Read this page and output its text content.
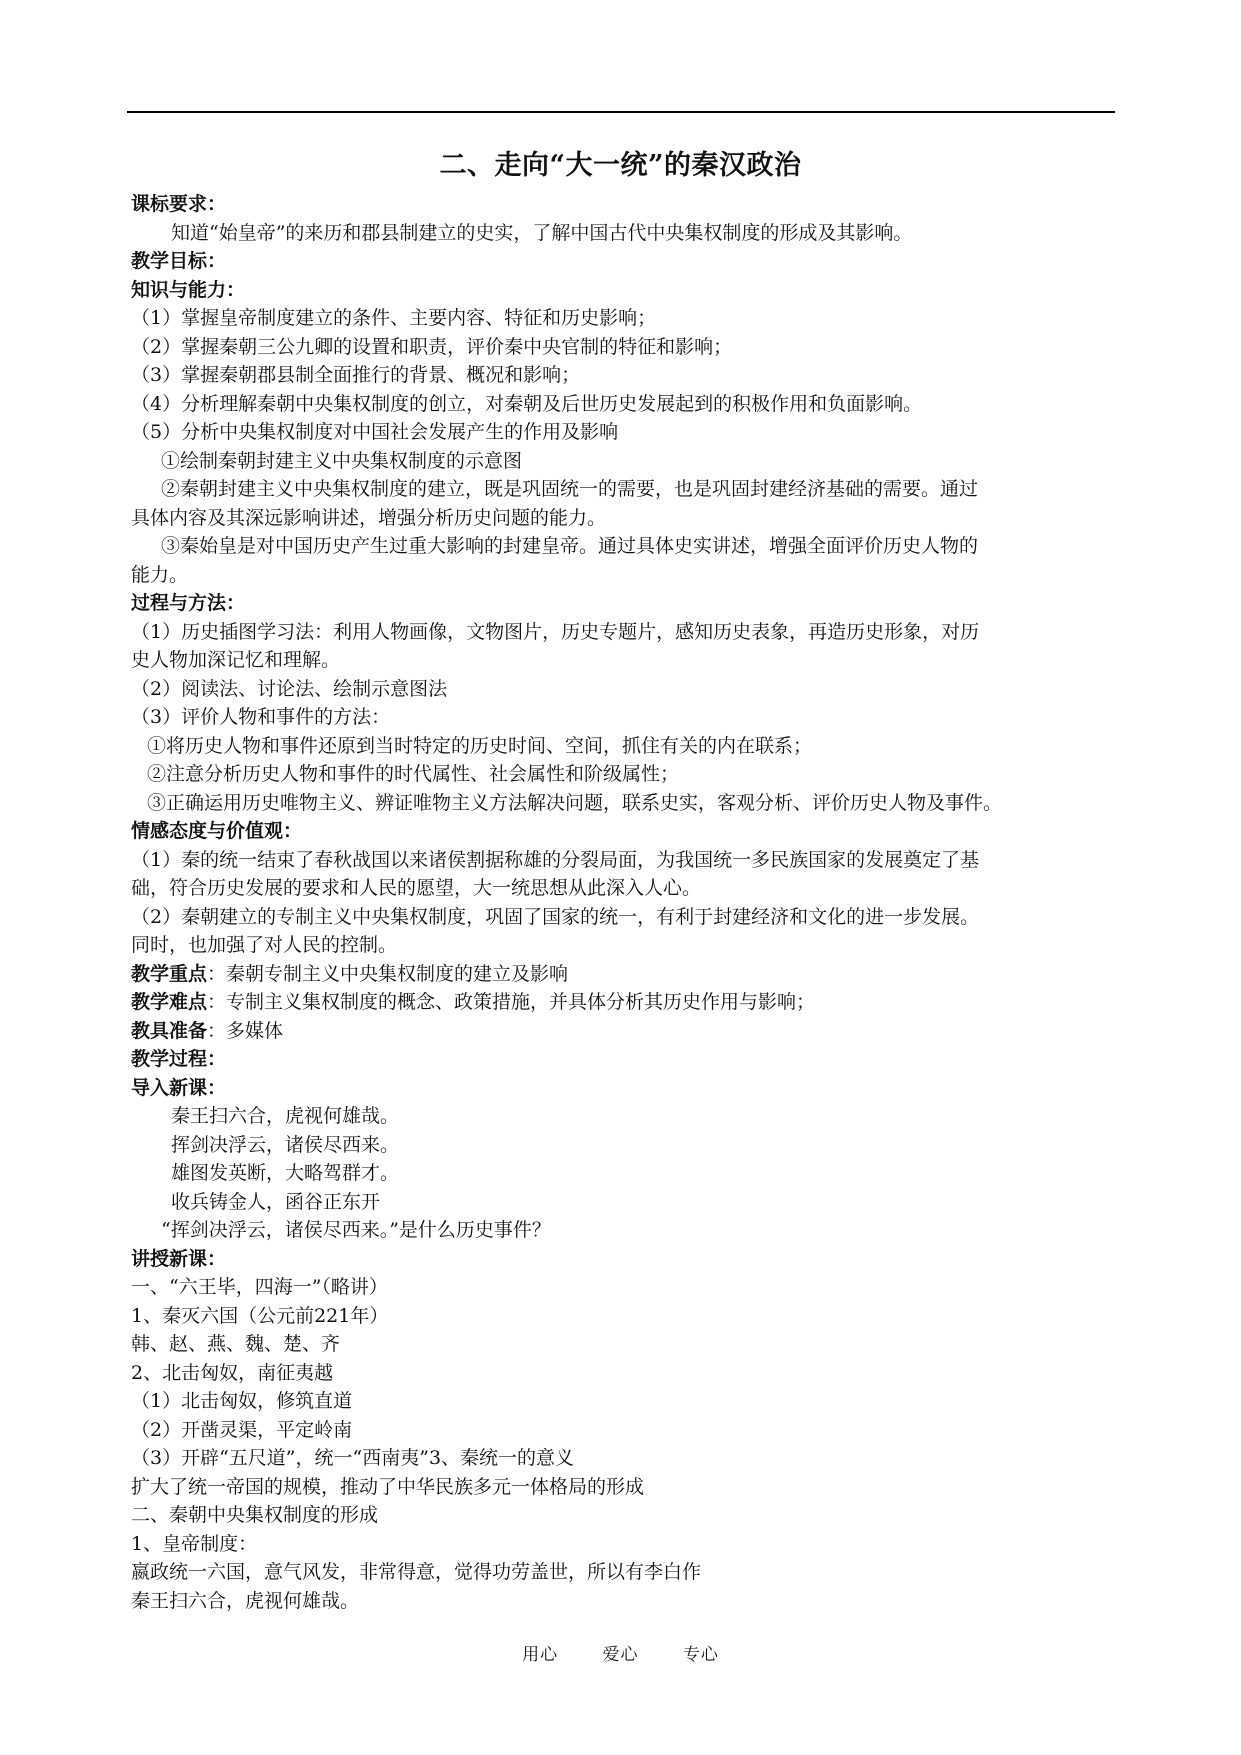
二、走向“大一统”的秦汉政治
课标要求：
知道“始皇帝”的来历和郡县制建立的史实，了解中国古代中央集权制度的形成及其影响。
教学目标：
知识与能力：
（1）掌握皇帝制度建立的条件、主要内容、特征和历史影响；
（2）掌握秦朝三公九卿的设置和职责，评价秦中央官制的特征和影响；
（3）掌握秦朝郡县制全面推行的背景、概况和影响；
（4）分析理解秦朝中央集权制度的创立，对秦朝及后世历史发展起到的积极作用和负面影响。
（5）分析中央集权制度对中国社会发展产生的作用及影响
①绘制秦朝封建主义中央集权制度的示意图
②秦朝封建主义中央集权制度的建立，既是巩固统一的需要，也是巩固封建经济基础的需要。通过
具体内容及其深远影响讲述，增强分析历史问题的能力。
③秦始皇是对中国历史产生过重大影响的封建皇帝。通过具体史实讲述，增强全面评价历史人物的
能力。
过程与方法：
（1）历史插图学习法：利用人物画像，文物图片，历史专题片，感知历史表象，再造历史形象，对历
史人物加深记忆和理解。
（2）阅读法、讨论法、绘制示意图法
（3）评价人物和事件的方法：
①将历史人物和事件还原到当时特定的历史时间、空间，抓住有关的内在联系；
②注意分析历史人物和事件的时代属性、社会属性和阶级属性；
③正确运用历史唯物主义、辨证唯物主义方法解决问题，联系史实，客观分析、评价历史人物及事件。
情感态度与价值观：
（1）秦的统一结束了春秋战国以来诸侯割据称雄的分裂局面，为我国统一多民族国家的发展奠定了基
础，符合历史发展的要求和人民的愿望，大一统思想从此深入人心。
（2）秦朝建立的专制主义中央集权制度，巩固了国家的统一，有利于封建经济和文化的进一步发展。
同时，也加强了对人民的控制。
教学重点：秦朝专制主义中央集权制度的建立及影响
教学难点：专制主义集权制度的概念、政策措施，并具体分析其历史作用与影响；
教具准备：多媒体
教学过程：
导入新课：
秦王扫六合，虎视何雄哉。
挥剑决浮云，诸侯尽西来。
雄图发英断，大略驾群才。
收兵铸金人，函谷正东开
“挥剑决浮云，诸侯尽西来。”是什么历史事件？
讲授新课：
一、“六王毕，四海一”（略讲）
1、秦灭六国（公元前221年）
韩、赵、燕、魏、楚、齐
2、北击匈奴，南征夷越
（1）北击匈奴，修筑直道
（2）开凿灵渠，平定岭南
（3）开辟“五尺道”，统一“西南夷”3、秦统一的意义
扩大了统一帝国的规模，推动了中华民族多元一体格局的形成
二、秦朝中央集权制度的形成
1、皇帝制度：
嬴政统一六国，意气风发，非常得意，觉得功劳盖世，所以有李白作
秦王扫六合，虎视何雄哉。
用心　 爱心　 专心
